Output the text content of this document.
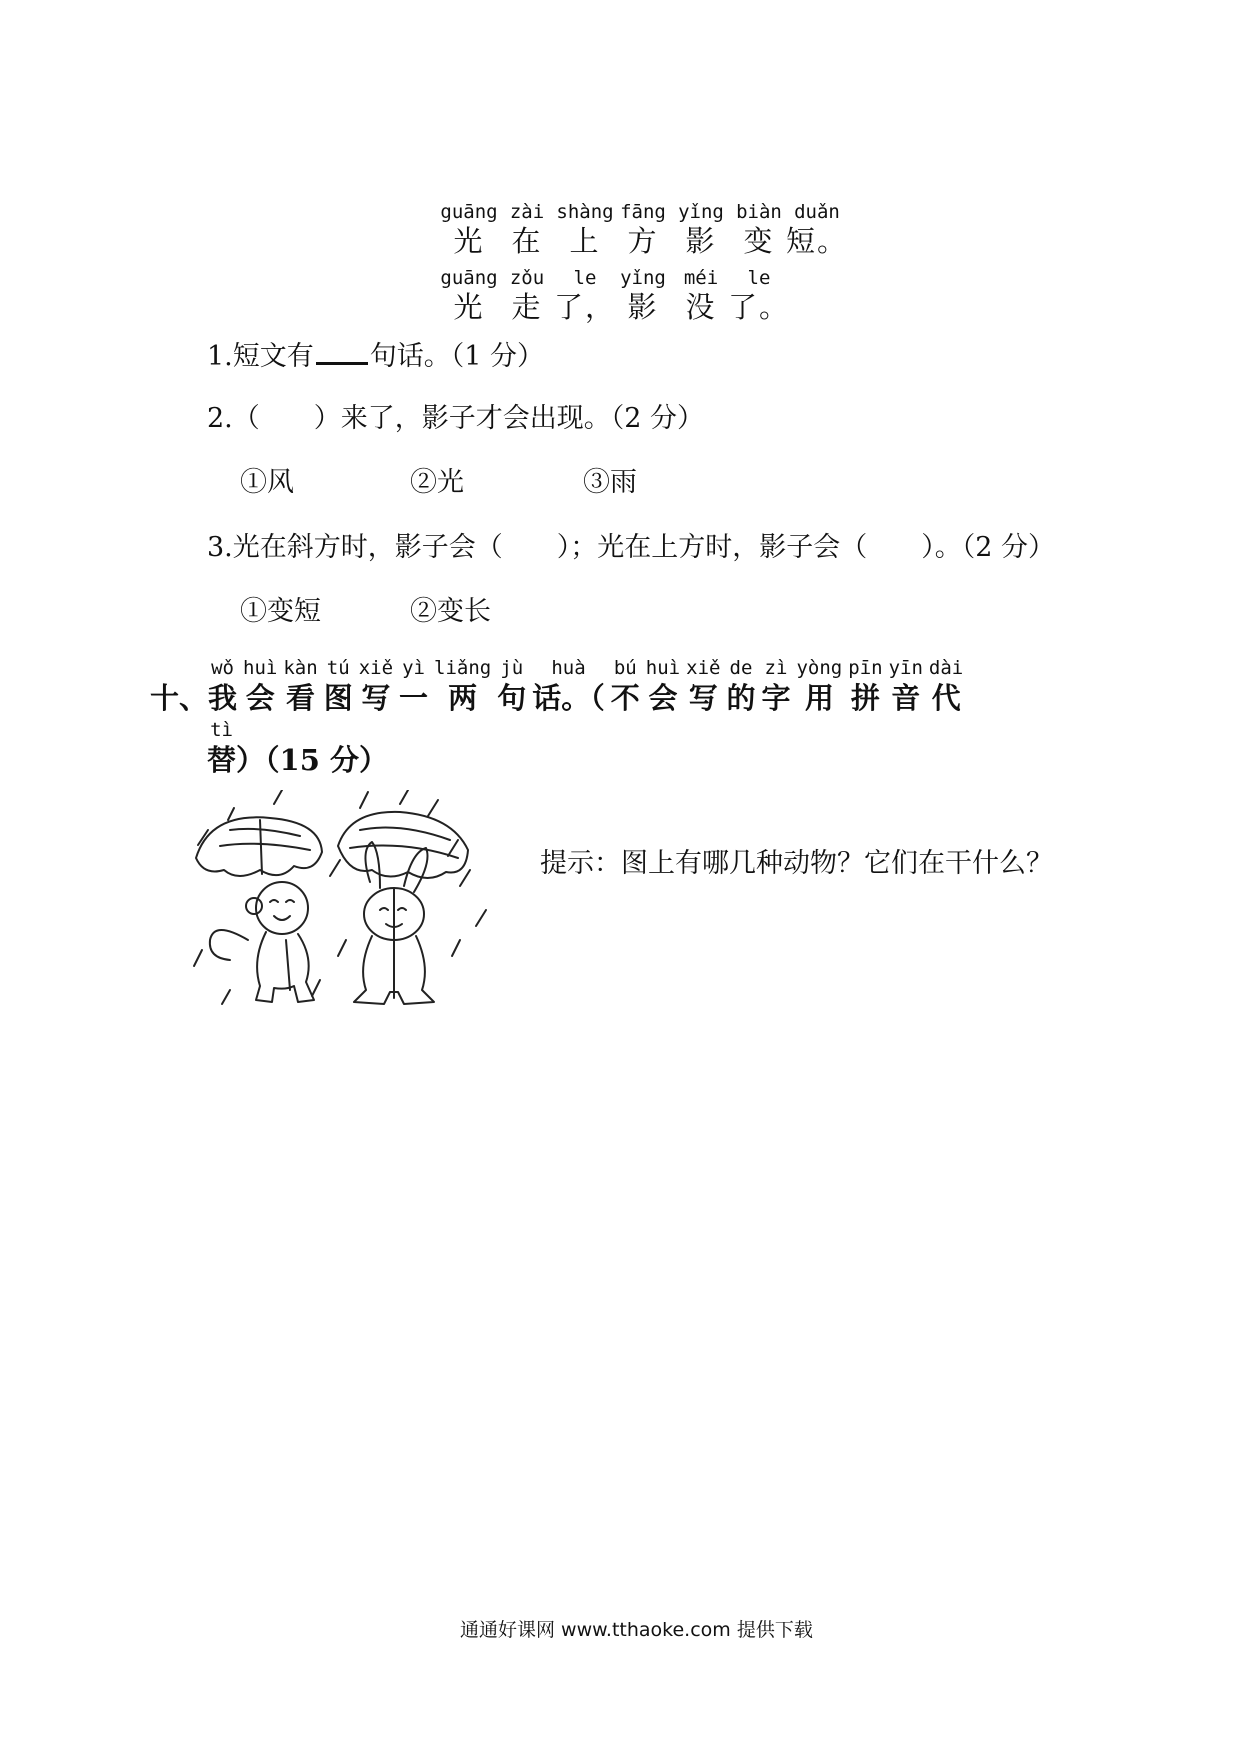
guāng
光
zài
在
shàng
上
fāng
方
yǐng
影
biàn
变
duǎn
短。
guāng
光
zǒu
走
le
了，
yǐng
影
méi
没
le
了。
1.短文有 句话。（1 分）
2.（　　）来了，影子才会出现。（2 分）
①风	②光	③雨
3.光在斜方时，影子会（　　）；光在上方时，影子会（　　）。（2 分）
①变短	②变长

十、
wǒ
我
huì
会
kàn
看
tú
图
xiě
写
yì
一
liǎng
两
jù
句
huà
话。（
bú
不
huì
会
xiě
写
de
的
zì
字
yòng
用
pīn
拼
yīn
音
dài
代
tì
替 ）（15 分）
提示：图上有哪几种动物？它们在干什么？
通通好课网 www.tthaoke.com 提供下载
